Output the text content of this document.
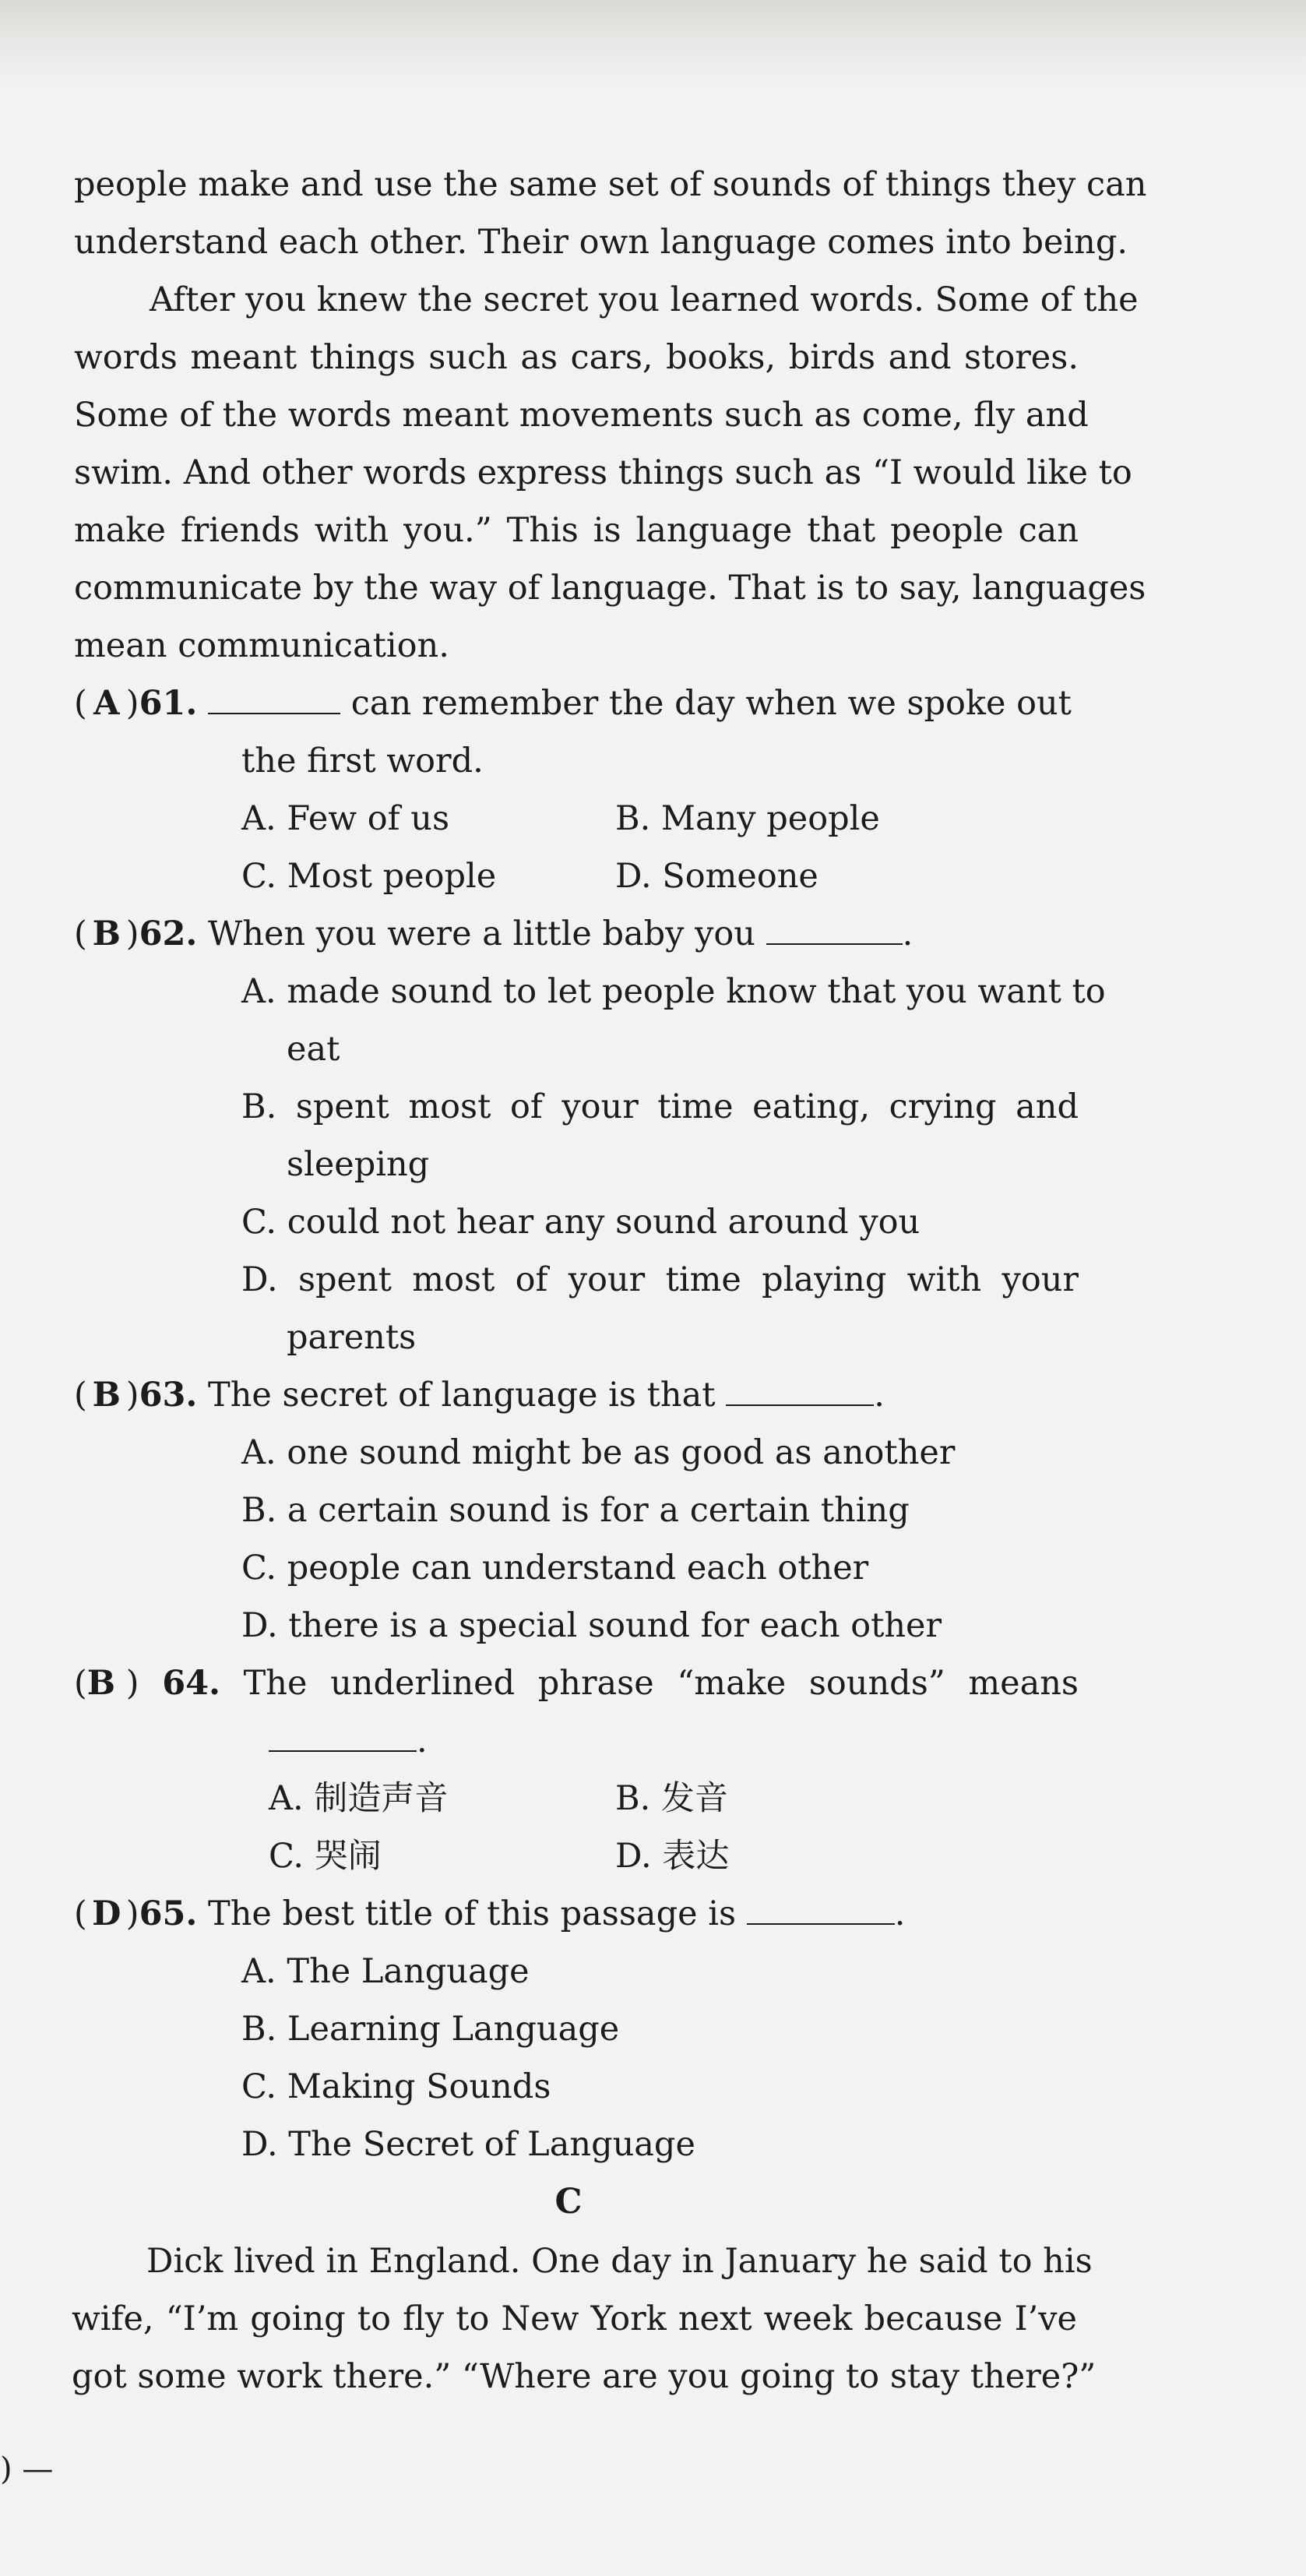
people make and use the same set of sounds of things they can
understand each other. Their own language comes into being.
After you knew the secret you learned words. Some of the
words meant things such as cars, books, birds and stores.
Some of the words meant movements such as come, fly and
swim. And other words express things such as “I would like to
make friends with you.” This is language that people can
communicate by the way of language. That is to say, languages
mean communication.
( A )61.	can remember the day when we spoke out
the first word.
A. Few of us	B. Many people
C. Most people	D. Someone
( B )62. When you were a little baby you	.
A. made sound to let people know that you want to
eat
B. spent most of your time eating, crying and
sleeping
C. could not hear any sound around you
D. spent most of your time playing with your
parents
( B )63. The secret of language is that	.
A. one sound might be as good as another
B. a certain sound is for a certain thing
C. people can understand each other
D. there is a special sound for each other
(B ) 64. The underlined phrase “make sounds” means
.
A. 制造声音	B. 发音
C. 哭闹	D. 表达
( D )65. The best title of this passage is	.
A. The Language
B. Learning Language
C. Making Sounds
D. The Secret of Language
C
Dick lived in England. One day in January he said to his
wife, “I’m going to fly to New York next week because I’ve
got some work there.” “Where are you going to stay there?”
) —
